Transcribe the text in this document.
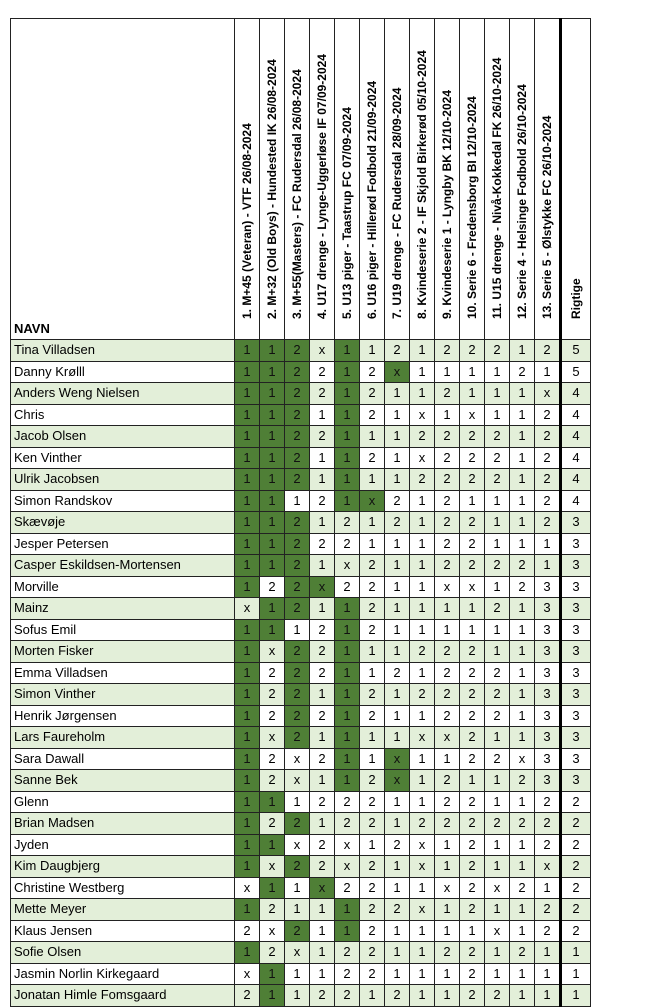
NAVN	1. M+45 (Veteran) - VTF 26/08-2024	2. M+32 (Old Boys) - Hundested IK 26/08-2024	3. M+55(Masters) - FC Rudersdal 26/08-2024	4. U17 drenge - Lynge-Uggerløse IF 07/09-2024	5. U13 piger - Taastrup FC 07/09-2024	6. U16 piger - Hillerød Fodbold 21/09-2024	7. U19 drenge - FC Rudersdal 28/09-2024	8. Kvindeserie 2 - IF Skjold Birkerød 05/10-2024	9. Kvindeserie 1 - Lyngby BK 12/10-2024	10. Serie 6 - Fredensborg BI 12/10-2024	11. U15 drenge - Nivå-Kokkedal FK 26/10-2024	12. Serie 4 - Helsinge Fodbold 26/10-2024	13. Serie 5 - Ølstykke FC 26/10-2024	Rigtige

Tina Villadsen	1	1	2	x	1	1	2	1	2	2	2	1	2	5
Danny Krølll	1	1	2	2	1	2	x	1	1	1	1	2	1	5
Anders Weng Nielsen	1	1	2	2	1	2	1	1	2	1	1	1	x	4
Chris	1	1	2	1	1	2	1	x	1	x	1	1	2	4
Jacob Olsen	1	1	2	2	1	1	1	2	2	2	2	1	2	4
Ken Vinther	1	1	2	1	1	2	1	x	2	2	2	1	2	4
Ulrik Jacobsen	1	1	2	1	1	1	1	2	2	2	2	1	2	4
Simon Randskov	1	1	1	2	1	x	2	1	2	1	1	1	2	4
Skævøje	1	1	2	1	2	1	2	1	2	2	1	1	2	3
Jesper Petersen	1	1	2	2	2	1	1	1	2	2	1	1	1	3
Casper Eskildsen-Mortensen	1	1	2	1	x	2	1	1	2	2	2	2	1	3
Morville	1	2	2	x	2	2	1	1	x	x	1	2	3	3
Mainz	x	1	2	1	1	2	1	1	1	1	2	1	3	3
Sofus Emil	1	1	1	2	1	2	1	1	1	1	1	1	3	3
Morten Fisker	1	x	2	2	1	1	1	2	2	2	1	1	3	3
Emma Villadsen	1	2	2	2	1	1	2	1	2	2	2	1	3	3
Simon Vinther	1	2	2	1	1	2	1	2	2	2	2	1	3	3
Henrik Jørgensen	1	2	2	2	1	2	1	1	2	2	2	1	3	3
Lars Faureholm	1	x	2	1	1	1	1	x	x	2	1	1	3	3
Sara Dawall	1	2	x	2	1	1	x	1	1	2	2	x	3	3
Sanne Bek	1	2	x	1	1	2	x	1	2	1	1	2	3	3
Glenn	1	1	1	2	2	2	1	1	2	2	1	1	2	2
Brian Madsen	1	2	2	1	2	2	1	2	2	2	2	2	2	2
Jyden	1	1	x	2	x	1	2	x	1	2	1	1	2	2
Kim Daugbjerg	1	x	2	2	x	2	1	x	1	2	1	1	x	2
Christine Westberg	x	1	1	x	2	2	1	1	x	2	x	2	1	2
Mette Meyer	1	2	1	1	1	2	2	x	1	2	1	1	2	2
Klaus Jensen	2	x	2	1	1	2	1	1	1	1	x	1	2	2
Sofie Olsen	1	2	x	1	2	2	1	1	2	2	1	2	1	1
Jasmin Norlin Kirkegaard	x	1	1	1	2	2	1	1	1	2	1	1	1	1
Jonatan Himle Fomsgaard	2	1	1	2	2	1	2	1	1	2	2	1	1	1
